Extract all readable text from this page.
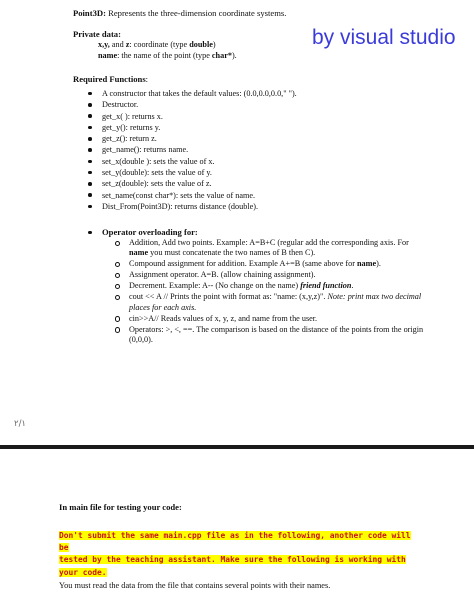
Point3D: Represents the three-dimension coordinate systems.
by visual studio
Private data:
x,y, and z: coordinate (type double)
name: the name of the point (type char*).
Required Functions:
A constructor that takes the default values: (0.0,0.0,0.0," ").
Destructor.
get_x( ): returns x.
get_y(): returns y.
get_z(): return z.
get_name(): returns name.
set_x(double ): sets the value of x.
set_y(double): sets the value of y.
set_z(double): sets the value of z.
set_name(const char*): sets the value of name.
Dist_From(Point3D): returns distance (double).
Operator overloading for:
Addition, Add two points. Example: A=B+C (regular add the corresponding axis. For name you must concatenate the two names of B then C).
Compound assignment for addition. Example A+=B (same above for name).
Assignment operator. A=B. (allow chaining assignment).
Decrement. Example: A-- (No change on the name) friend function.
cout << A // Prints the point with format as: "name: (x,y,z)". Note: print max two decimal places for each axis.
cin>>A// Reads values of x, y, z, and name from the user.
Operators: >, <, ==. The comparison is based on the distance of the points from the origin (0,0,0).
٢/١
In main file for testing your code:
Don't submit the same main.cpp file as in the following, another code will be
tested by the teaching assistant. Make sure the following is working with
your code.
You must read the data from the file that contains several points with their names.
